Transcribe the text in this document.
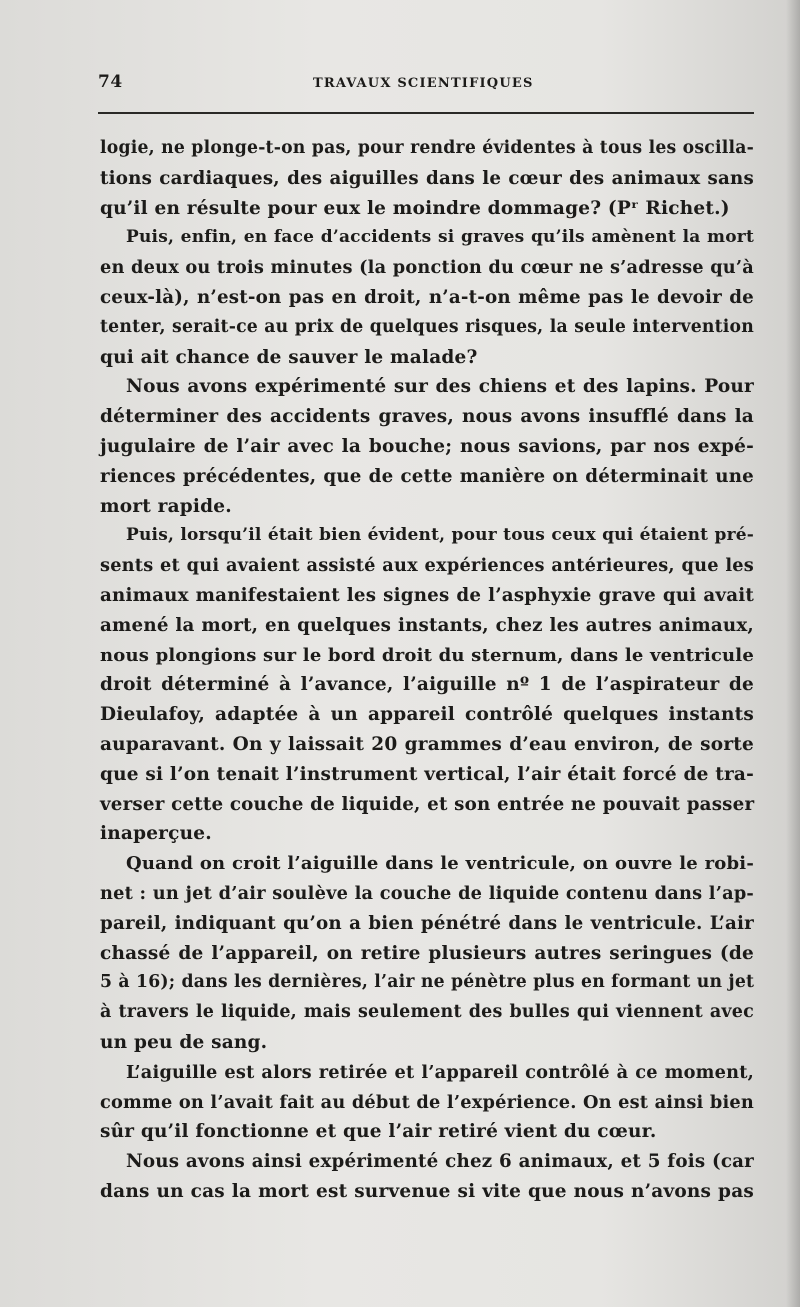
74	TRAVAUX SCIENTIFIQUES
logie, ne plonge-t-on pas, pour rendre évidentes à tous les oscilla-
tions cardiaques, des aiguilles dans le cœur des animaux sans
qu’il en résulte pour eux le moindre dommage? (Pʳ Richet.)
Puis, enfin, en face d’accidents si graves qu’ils amènent la mort
en deux ou trois minutes (la ponction du cœur ne s’adresse qu’à
ceux-là), n’est-on pas en droit, n’a-t-on même pas le devoir de
tenter, serait-ce au prix de quelques risques, la seule intervention
qui ait chance de sauver le malade?
Nous avons expérimenté sur des chiens et des lapins. Pour
déterminer des accidents graves, nous avons insufflé dans la
jugulaire de l’air avec la bouche; nous savions, par nos expé-
riences précédentes, que de cette manière on déterminait une
mort rapide.
Puis, lorsqu’il était bien évident, pour tous ceux qui étaient pré-
sents et qui avaient assisté aux expériences antérieures, que les
animaux manifestaient les signes de l’asphyxie grave qui avait
amené la mort, en quelques instants, chez les autres animaux,
nous plongions sur le bord droit du sternum, dans le ventricule
droit déterminé à l’avance, l’aiguille nº 1 de l’aspirateur de
Dieulafoy, adaptée à un appareil contrôlé quelques instants
auparavant. On y laissait 20 grammes d’eau environ, de sorte
que si l’on tenait l’instrument vertical, l’air était forcé de tra-
verser cette couche de liquide, et son entrée ne pouvait passer
inaperçue.
Quand on croit l’aiguille dans le ventricule, on ouvre le robi-
net : un jet d’air soulève la couche de liquide contenu dans l’ap-
pareil, indiquant qu’on a bien pénétré dans le ventricule. L’air
chassé de l’appareil, on retire plusieurs autres seringues (de
5 à 16); dans les dernières, l’air ne pénètre plus en formant un jet
à travers le liquide, mais seulement des bulles qui viennent avec
un peu de sang.
L’aiguille est alors retirée et l’appareil contrôlé à ce moment,
comme on l’avait fait au début de l’expérience. On est ainsi bien
sûr qu’il fonctionne et que l’air retiré vient du cœur.
Nous avons ainsi expérimenté chez 6 animaux, et 5 fois (car
dans un cas la mort est survenue si vite que nous n’avons pas
